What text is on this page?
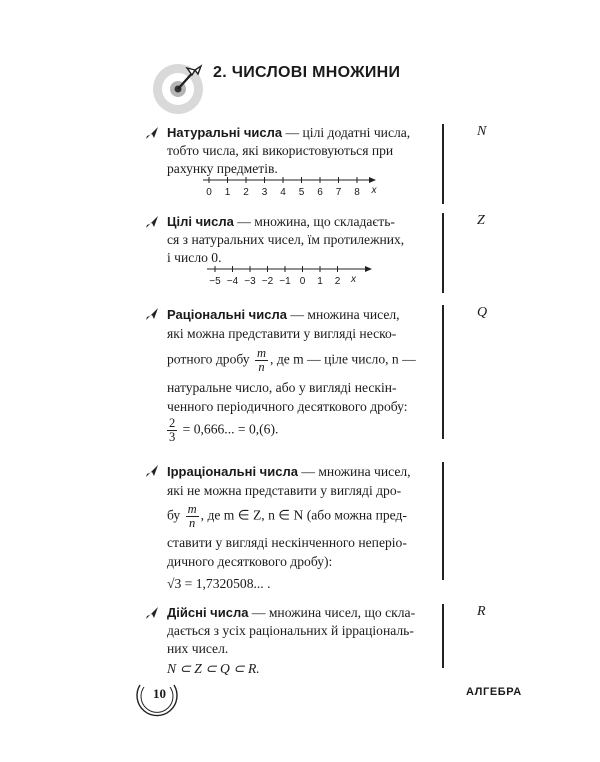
2. ЧИСЛОВІ МНОЖИНИ
Натуральні числа — цілі додатні числа,
тобто числа, які використовуються при
рахунку предметів.
0 1 2 3 4 5 6 7 8 x
N
Цілі числа — множина, що складаєть-
ся з натуральних чисел, їм протилежних,
і число 0.
−5 −4 −3 −2 −1 0 1 2 x
Z
Раціональні числа — множина чисел,
які можна представити у вигляді неско-
ротного дробу $\frac{m}{n}$ , де m — ціле число, n —
натуральне число, або у вигляді нескін-
ченного періодичного десяткового дробу:
$\frac{2}{3} = 0,666$... = 0,(6).
Q
Ірраціональні числа — множина чисел,
які не можна представити у вигляді дро-
бу $\frac{m}{n}$ , де m ∈ Z, n ∈ N (або можна пред-
ставити у вигляді нескінченного неперіо-
дичного десяткового дробу):
√3 = 1,7320508... .
Дійсні числа — множина чисел, що скла-
дається з усіх раціональних й ірраціональ-
них чисел.
N ⊂ Z ⊂ Q ⊂ R.
R
10	АЛГЕБРА
